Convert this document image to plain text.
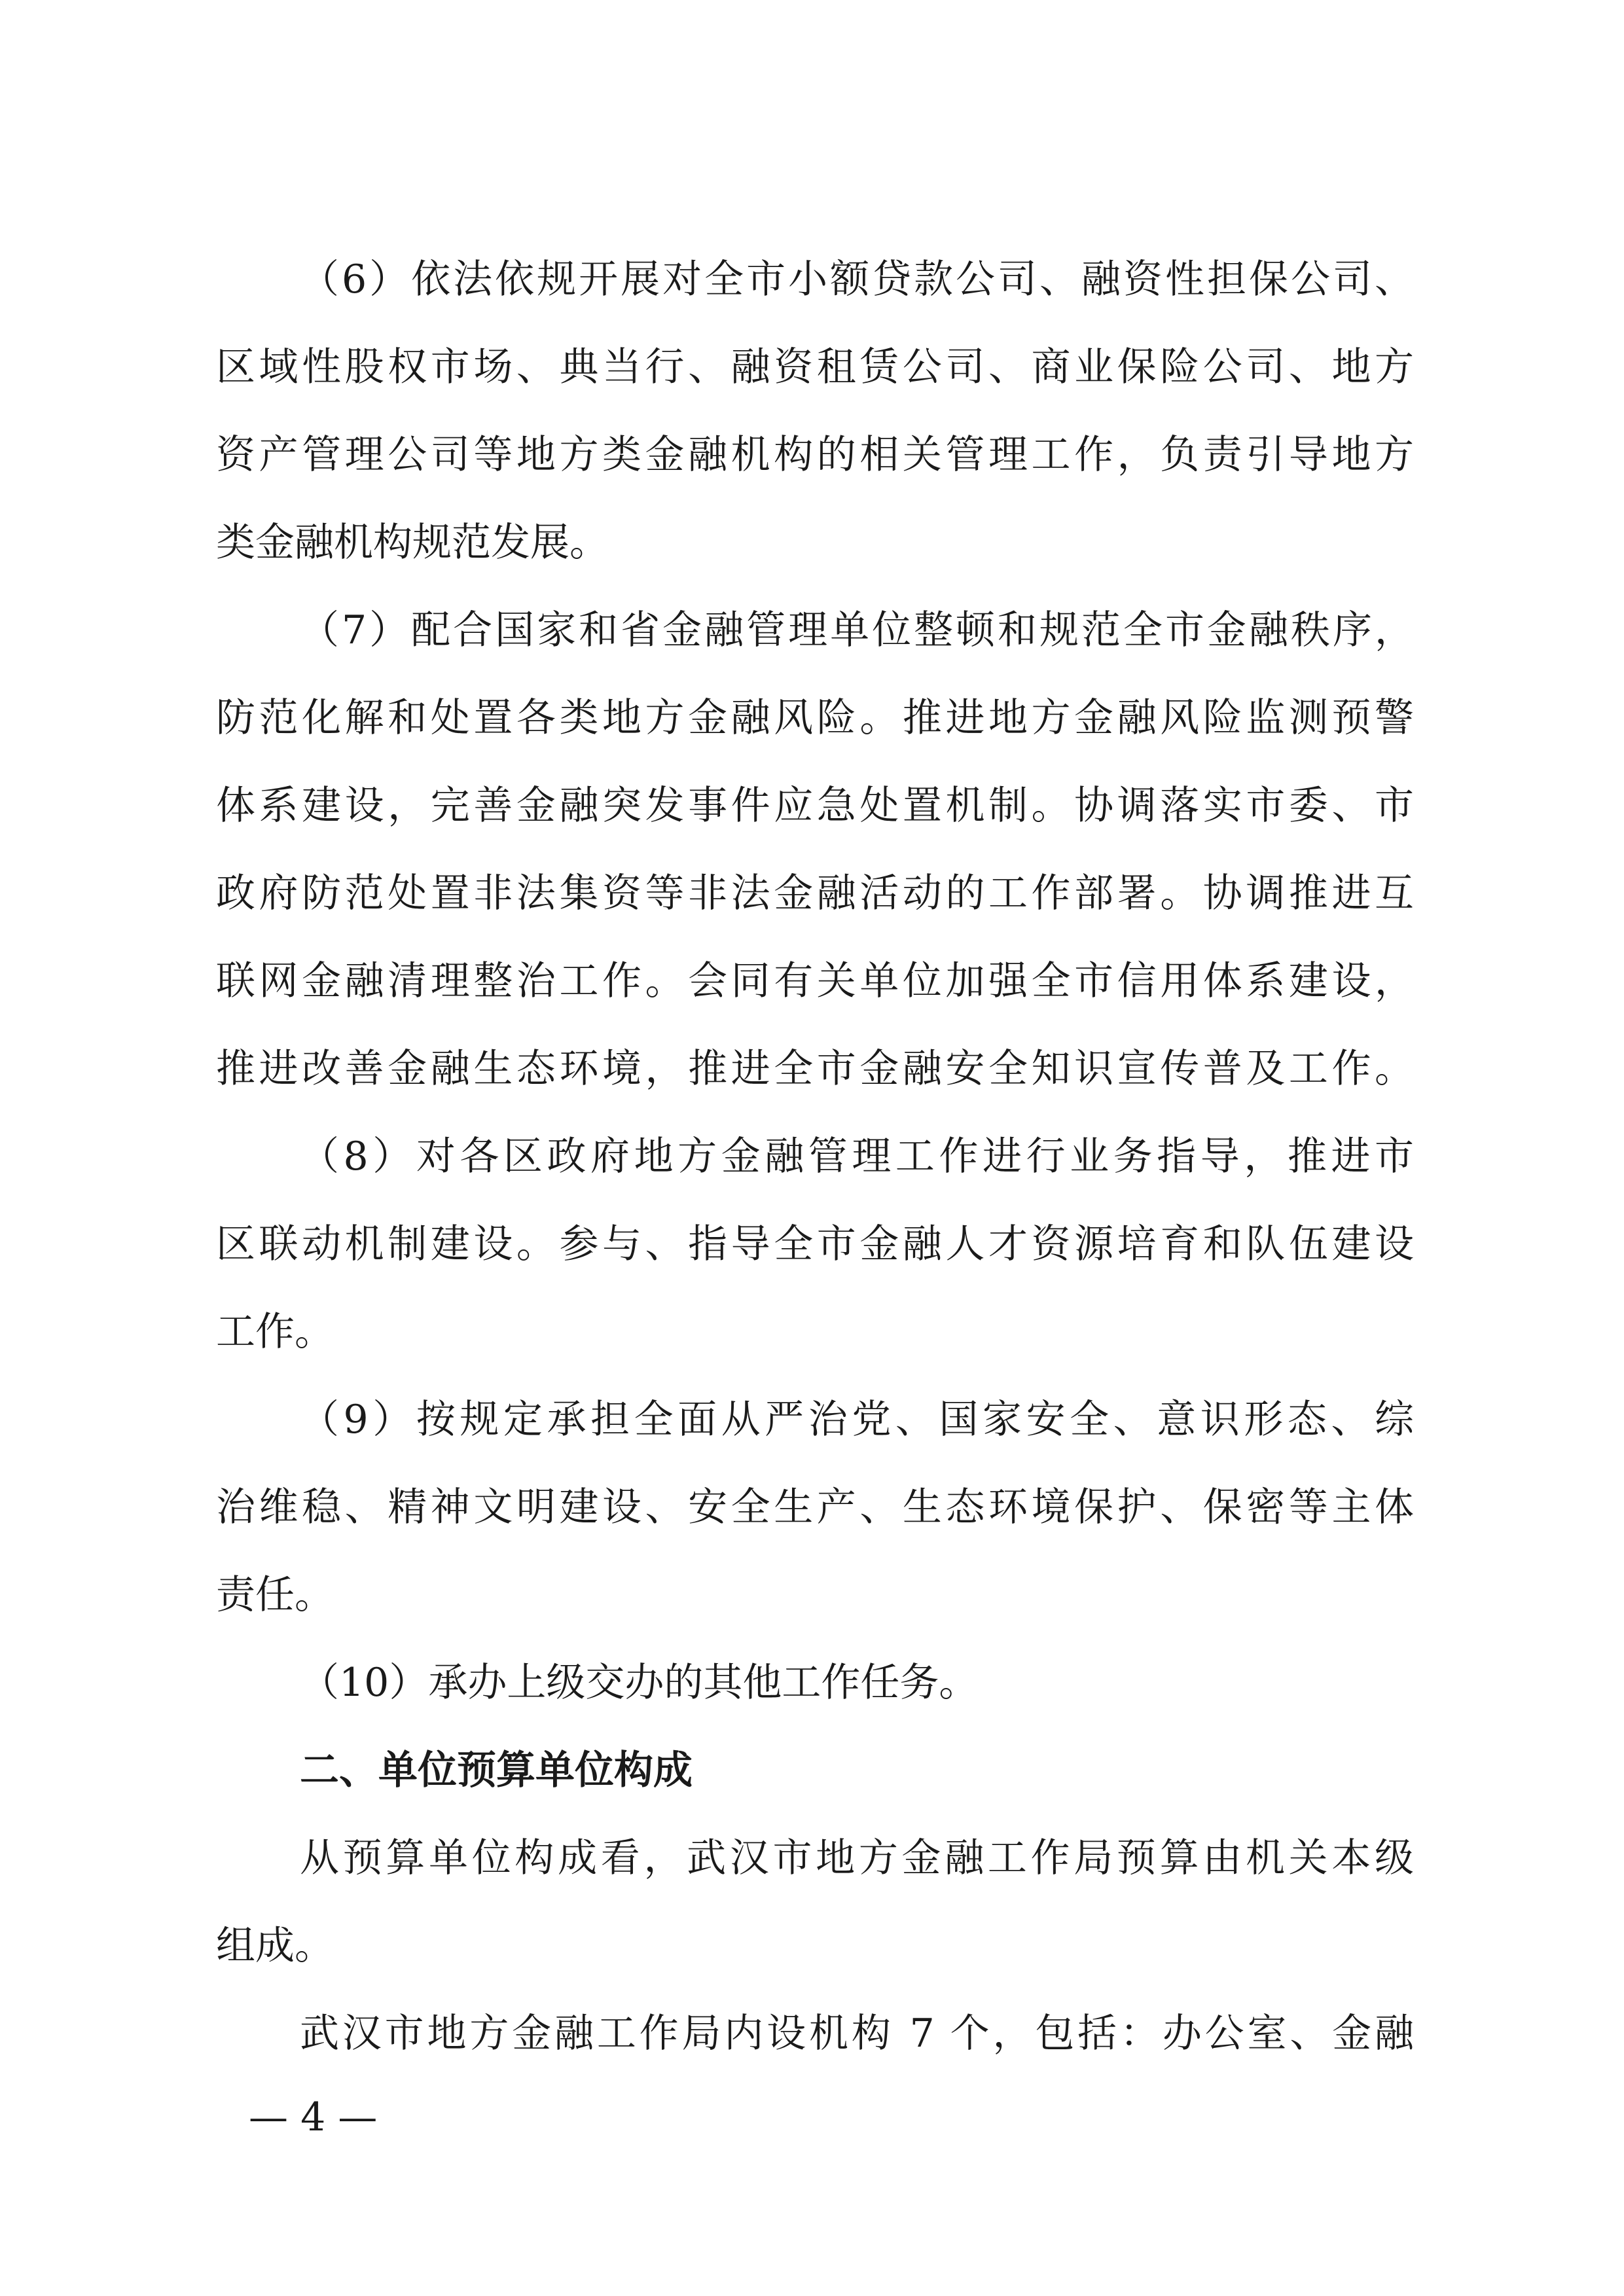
（6）依法依规开展对全市小额贷款公司、融资性担保公司、
区域性股权市场、典当行、融资租赁公司、商业保险公司、地方
资产管理公司等地方类金融机构的相关管理工作，负责引导地方
类金融机构规范发展。
（7）配合国家和省金融管理单位整顿和规范全市金融秩序，
防范化解和处置各类地方金融风险。推进地方金融风险监测预警
体系建设，完善金融突发事件应急处置机制。协调落实市委、市
政府防范处置非法集资等非法金融活动的工作部署。协调推进互
联网金融清理整治工作。会同有关单位加强全市信用体系建设，
推进改善金融生态环境，推进全市金融安全知识宣传普及工作。
（8）对各区政府地方金融管理工作进行业务指导，推进市
区联动机制建设。参与、指导全市金融人才资源培育和队伍建设
工作。
（9）按规定承担全面从严治党、国家安全、意识形态、综
治维稳、精神文明建设、安全生产、生态环境保护、保密等主体
责任。
（10）承办上级交办的其他工作任务。
二、单位预算单位构成
从预算单位构成看，武汉市地方金融工作局预算由机关本级
组成。
武汉市地方金融工作局内设机构 7 个，包括：办公室、金融
— 4 —
